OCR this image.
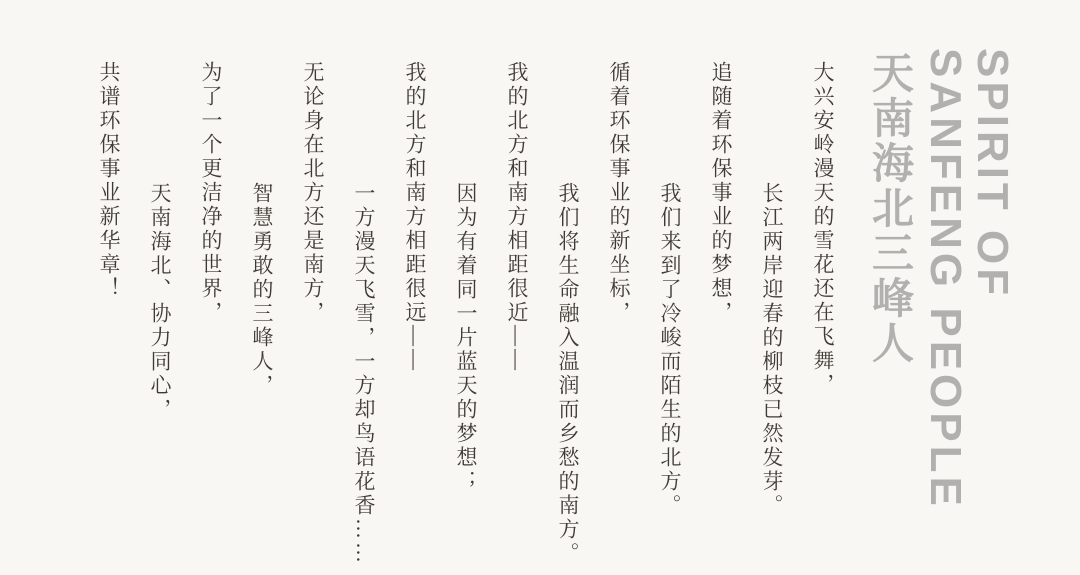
SPIRIT OF
SANFENG PEOPLE
天南海北三峰人

大兴安岭漫天的雪花还在飞舞，

长江两岸迎春的柳枝已然发芽。

追随着环保事业的梦想，

我们来到了冷峻而陌生的北方。

循着环保事业的新坐标，

我们将生命融入温润而乡愁的南方。

我的北方和南方相距很近——

因为有着同一片蓝天的梦想；

我的北方和南方相距很远——

一方漫天飞雪，一方却鸟语花香……

无论身在北方还是南方，

智慧勇敢的三峰人，

为了一个更洁净的世界，

天南海北、协力同心，

共谱环保事业新华章！
